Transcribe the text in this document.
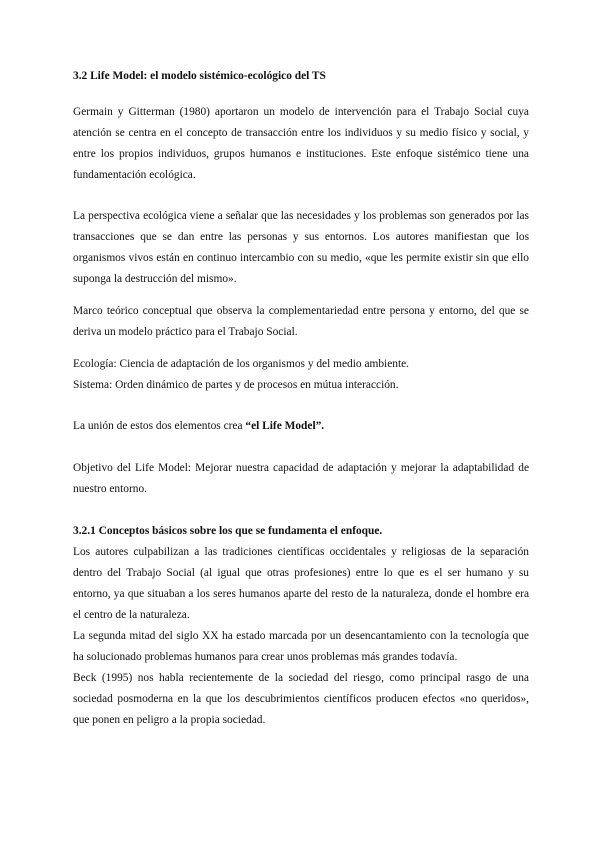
3.2 Life Model: el modelo sistémico-ecológico del TS

Germain y Gitterman (1980) aportaron un modelo de intervención para el Trabajo Social cuya atención se centra en el concepto de transacción entre los individuos y su medio físico y social, y entre los propios individuos, grupos humanos e instituciones. Este enfoque sistémico tiene una fundamentación ecológica.

La perspectiva ecológica viene a señalar que las necesidades y los problemas son generados por las transacciones que se dan entre las personas y sus entornos. Los autores manifiestan que los organismos vivos están en continuo intercambio con su medio, «que les permite existir sin que ello suponga la destrucción del mismo».

Marco teórico conceptual que observa la complementariedad entre persona y entorno, del que se deriva un modelo práctico para el Trabajo Social.

Ecología: Ciencia de adaptación de los organismos y del medio ambiente.

Sistema: Orden dinámico de partes y de procesos en mútua interacción.

La unión de estos dos elementos crea “el Life Model”.

Objetivo del Life Model: Mejorar nuestra capacidad de adaptación y mejorar la adaptabilidad de nuestro entorno.

3.2.1 Conceptos básicos sobre los que se fundamenta el enfoque.

Los autores culpabilizan a las tradiciones científicas occidentales y religiosas de la separación dentro del Trabajo Social (al igual que otras profesiones) entre lo que es el ser humano y su entorno, ya que situaban a los seres humanos aparte del resto de la naturaleza, donde el hombre era el centro de la naturaleza.

La segunda mitad del siglo XX ha estado marcada por un desencantamiento con la tecnología que ha solucionado problemas humanos para crear unos problemas más grandes todavía.

Beck (1995) nos habla recientemente de la sociedad del riesgo, como principal rasgo de una sociedad posmoderna en la que los descubrimientos científicos producen efectos «no queridos», que ponen en peligro a la propia sociedad.
